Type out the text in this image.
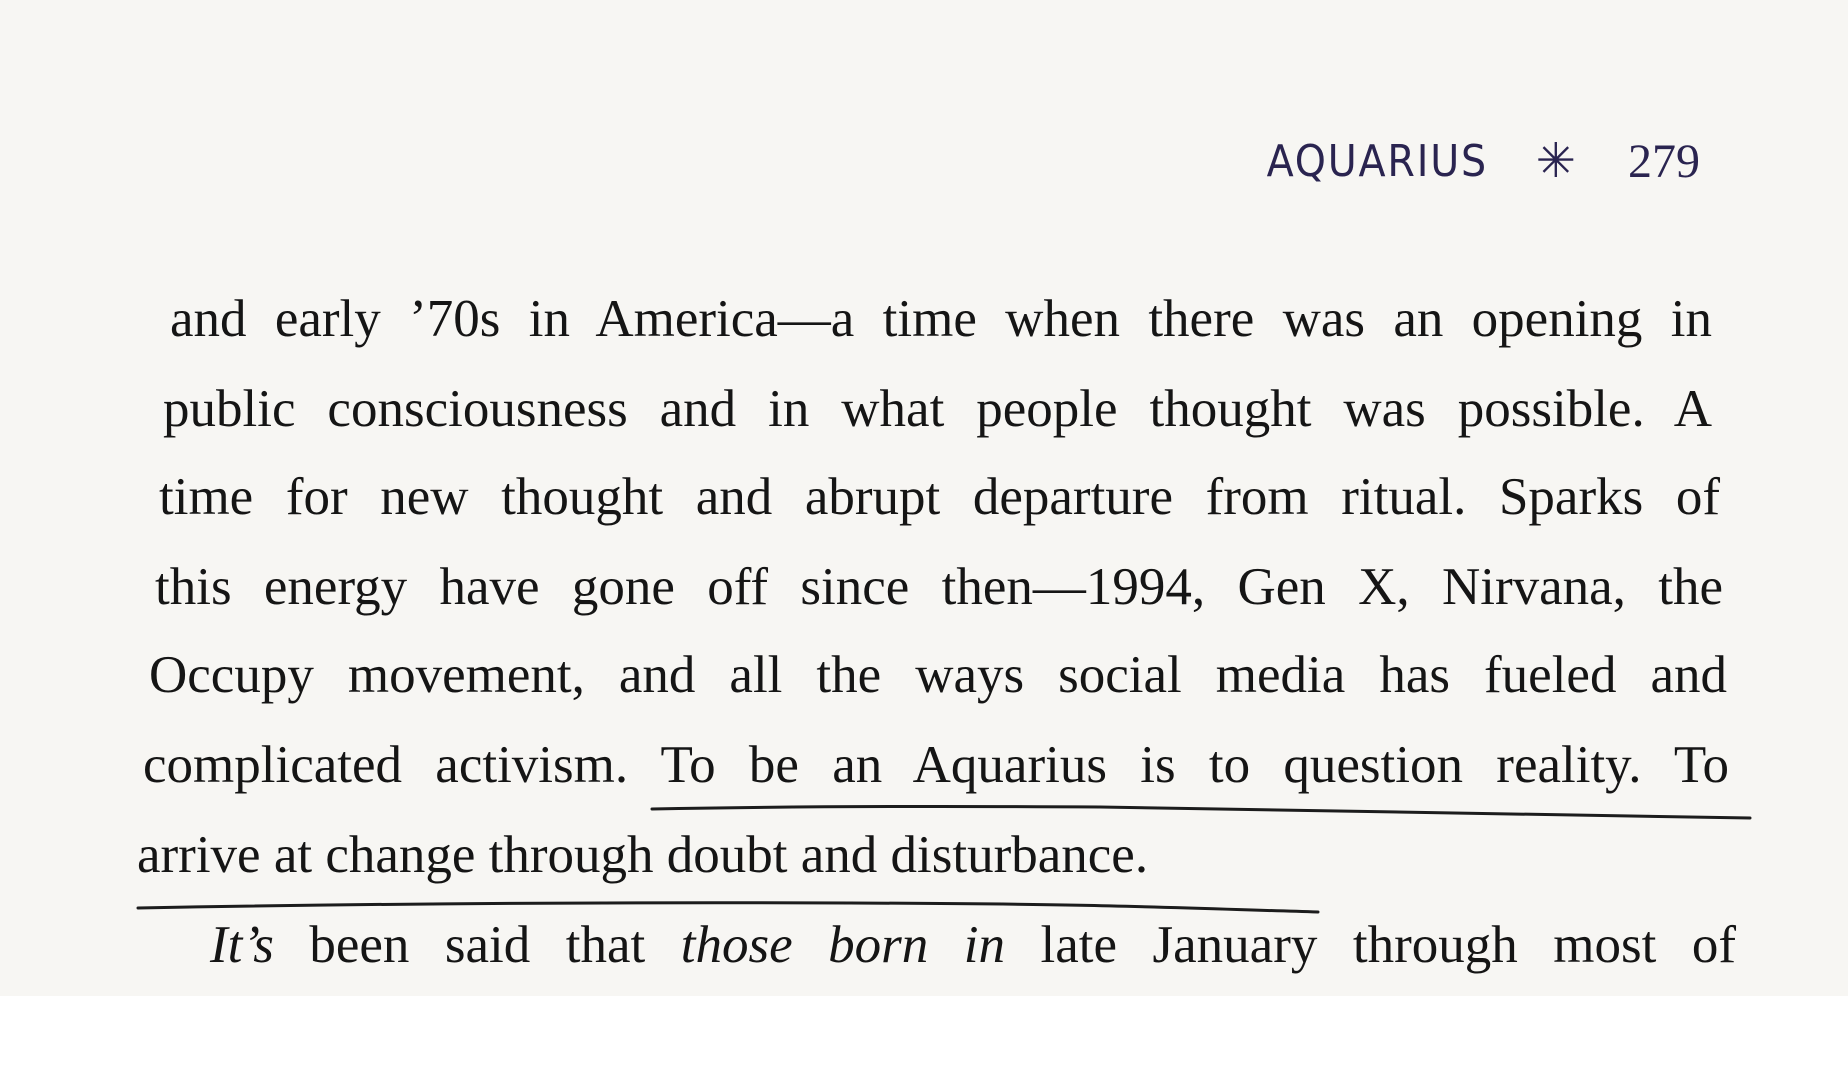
AQUARIUS ✳ 279
and early ’70s in America—a time when there was an opening in
public consciousness and in what people thought was possible. A
time for new thought and abrupt departure from ritual. Sparks of
this energy have gone off since then—1994, Gen X, Nirvana, the
Occupy movement, and all the ways social media has fueled and
complicated activism. To be an Aquarius is to question reality. To
arrive at change through doubt and disturbance.
It’s been said that those born in late January through most of
